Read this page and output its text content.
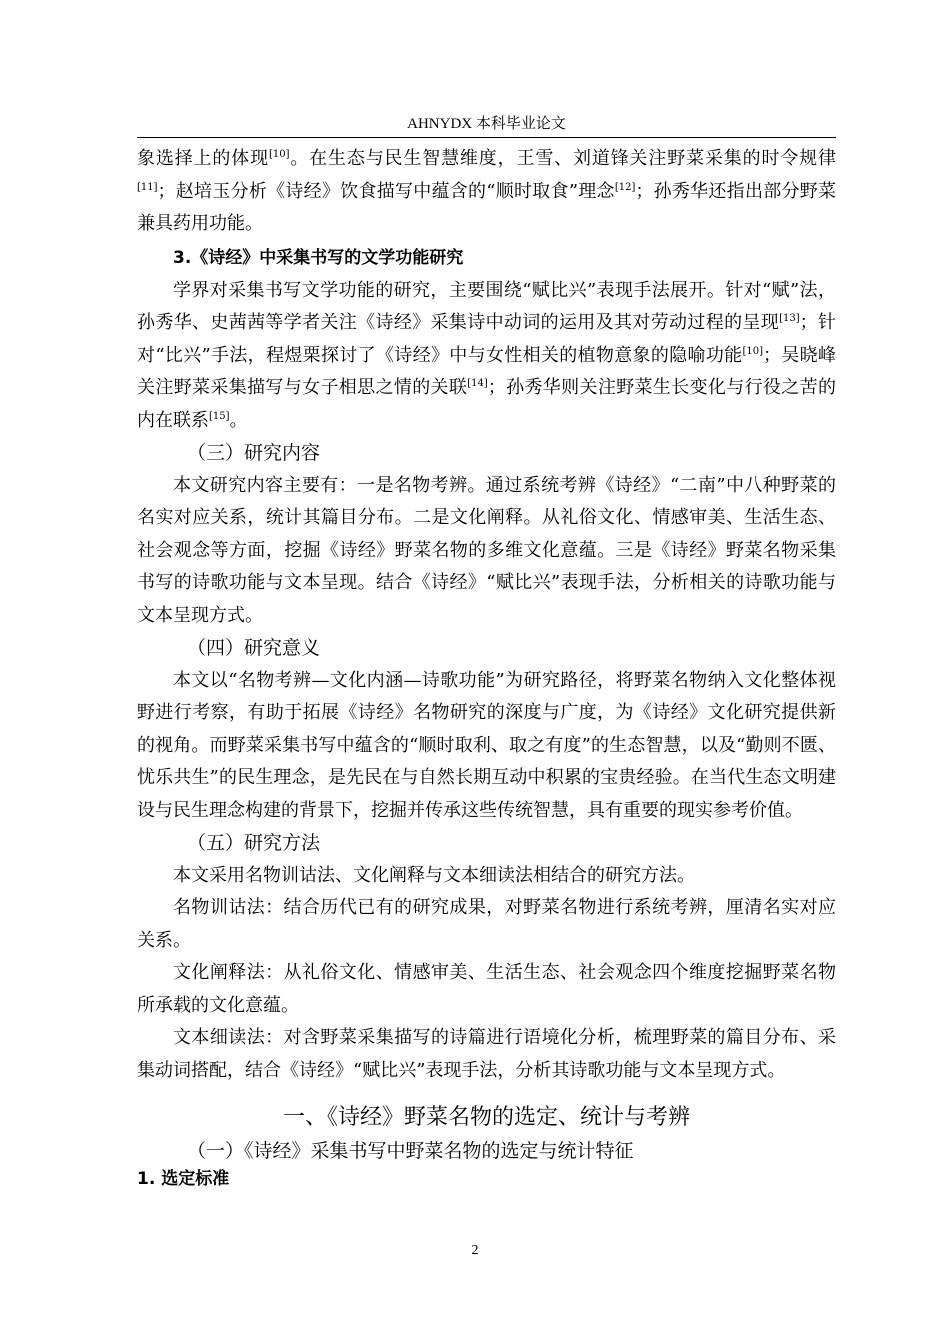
AHNYDX 本科毕业论文

象选择上的体现[10]。在生态与民生智慧维度，王雪、刘道锋关注野菜采集的时令规律[11]；赵培玉分析《诗经》饮食描写中蕴含的“顺时取食”理念[12]；孙秀华还指出部分野菜兼具药用功能。

3.《诗经》中采集书写的文学功能研究

学界对采集书写文学功能的研究，主要围绕“赋比兴”表现手法展开。针对“赋”法，孙秀华、史茜茜等学者关注《诗经》采集诗中动词的运用及其对劳动过程的呈现[13]；针对“比兴”手法，程煜栗探讨了《诗经》中与女性相关的植物意象的隐喻功能[10]；吴晓峰关注野菜采集描写与女子相思之情的关联[14]；孙秀华则关注野菜生长变化与行役之苦的内在联系[15]。

（三）研究内容

本文研究内容主要有：一是名物考辨。通过系统考辨《诗经》“二南”中八种野菜的名实对应关系，统计其篇目分布。二是文化阐释。从礼俗文化、情感审美、生活生态、社会观念等方面，挖掘《诗经》野菜名物的多维文化意蕴。三是《诗经》野菜名物采集书写的诗歌功能与文本呈现。结合《诗经》“赋比兴”表现手法，分析相关的诗歌功能与文本呈现方式。

（四）研究意义

本文以“名物考辨—文化内涵—诗歌功能”为研究路径，将野菜名物纳入文化整体视野进行考察，有助于拓展《诗经》名物研究的深度与广度，为《诗经》文化研究提供新的视角。而野菜采集书写中蕴含的“顺时取利、取之有度”的生态智慧，以及“勤则不匮、忧乐共生”的民生理念，是先民在与自然长期互动中积累的宝贵经验。在当代生态文明建设与民生理念构建的背景下，挖掘并传承这些传统智慧，具有重要的现实参考价值。

（五）研究方法

本文采用名物训诂法、文化阐释与文本细读法相结合的研究方法。

名物训诂法：结合历代已有的研究成果，对野菜名物进行系统考辨，厘清名实对应关系。

文化阐释法：从礼俗文化、情感审美、生活生态、社会观念四个维度挖掘野菜名物所承载的文化意蕴。

文本细读法：对含野菜采集描写的诗篇进行语境化分析，梳理野菜的篇目分布、采集动词搭配，结合《诗经》“赋比兴”表现手法，分析其诗歌功能与文本呈现方式。

一、《诗经》野菜名物的选定、统计与考辨
（一）《诗经》采集书写中野菜名物的选定与统计特征
1. 选定标准
2
